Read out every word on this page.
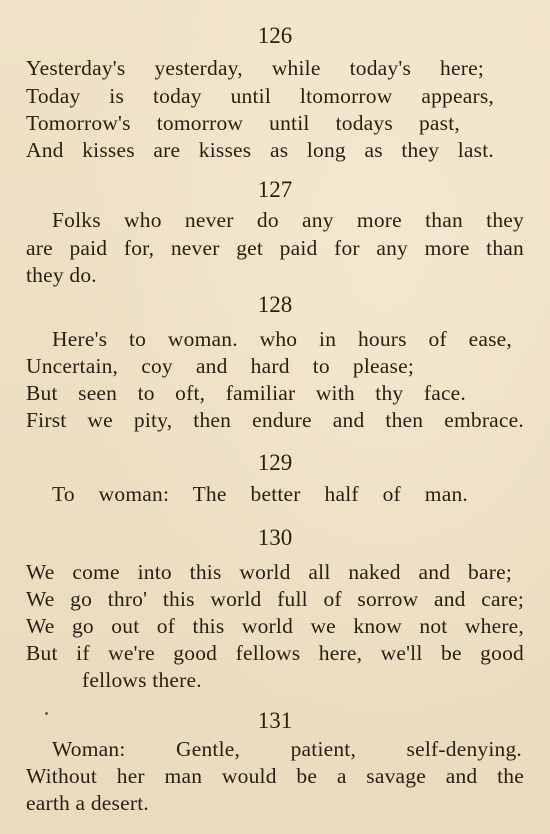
126
Yesterday's yesterday, while today's here;
Today is today until ltomorrow appears,
Tomorrow's tomorrow until todays past,
And kisses are kisses as long as they last.
127
Folks who never do any more than they
are paid for, never get paid for any more than
they do.
128
Here's to woman. who in hours of ease,
Uncertain, coy and hard to please;
But seen to oft, familiar with thy face.
First we pity, then endure and then embrace.
129
To woman: The better half of man.
130
We come into this world all naked and bare;
We go thro' this world full of sorrow and care;
We go out of this world we know not where,
But if we're good fellows here, we'll be good
fellows there.
131
Woman: Gentle, patient, self-denying.
Without her man would be a savage and the
earth a desert.
